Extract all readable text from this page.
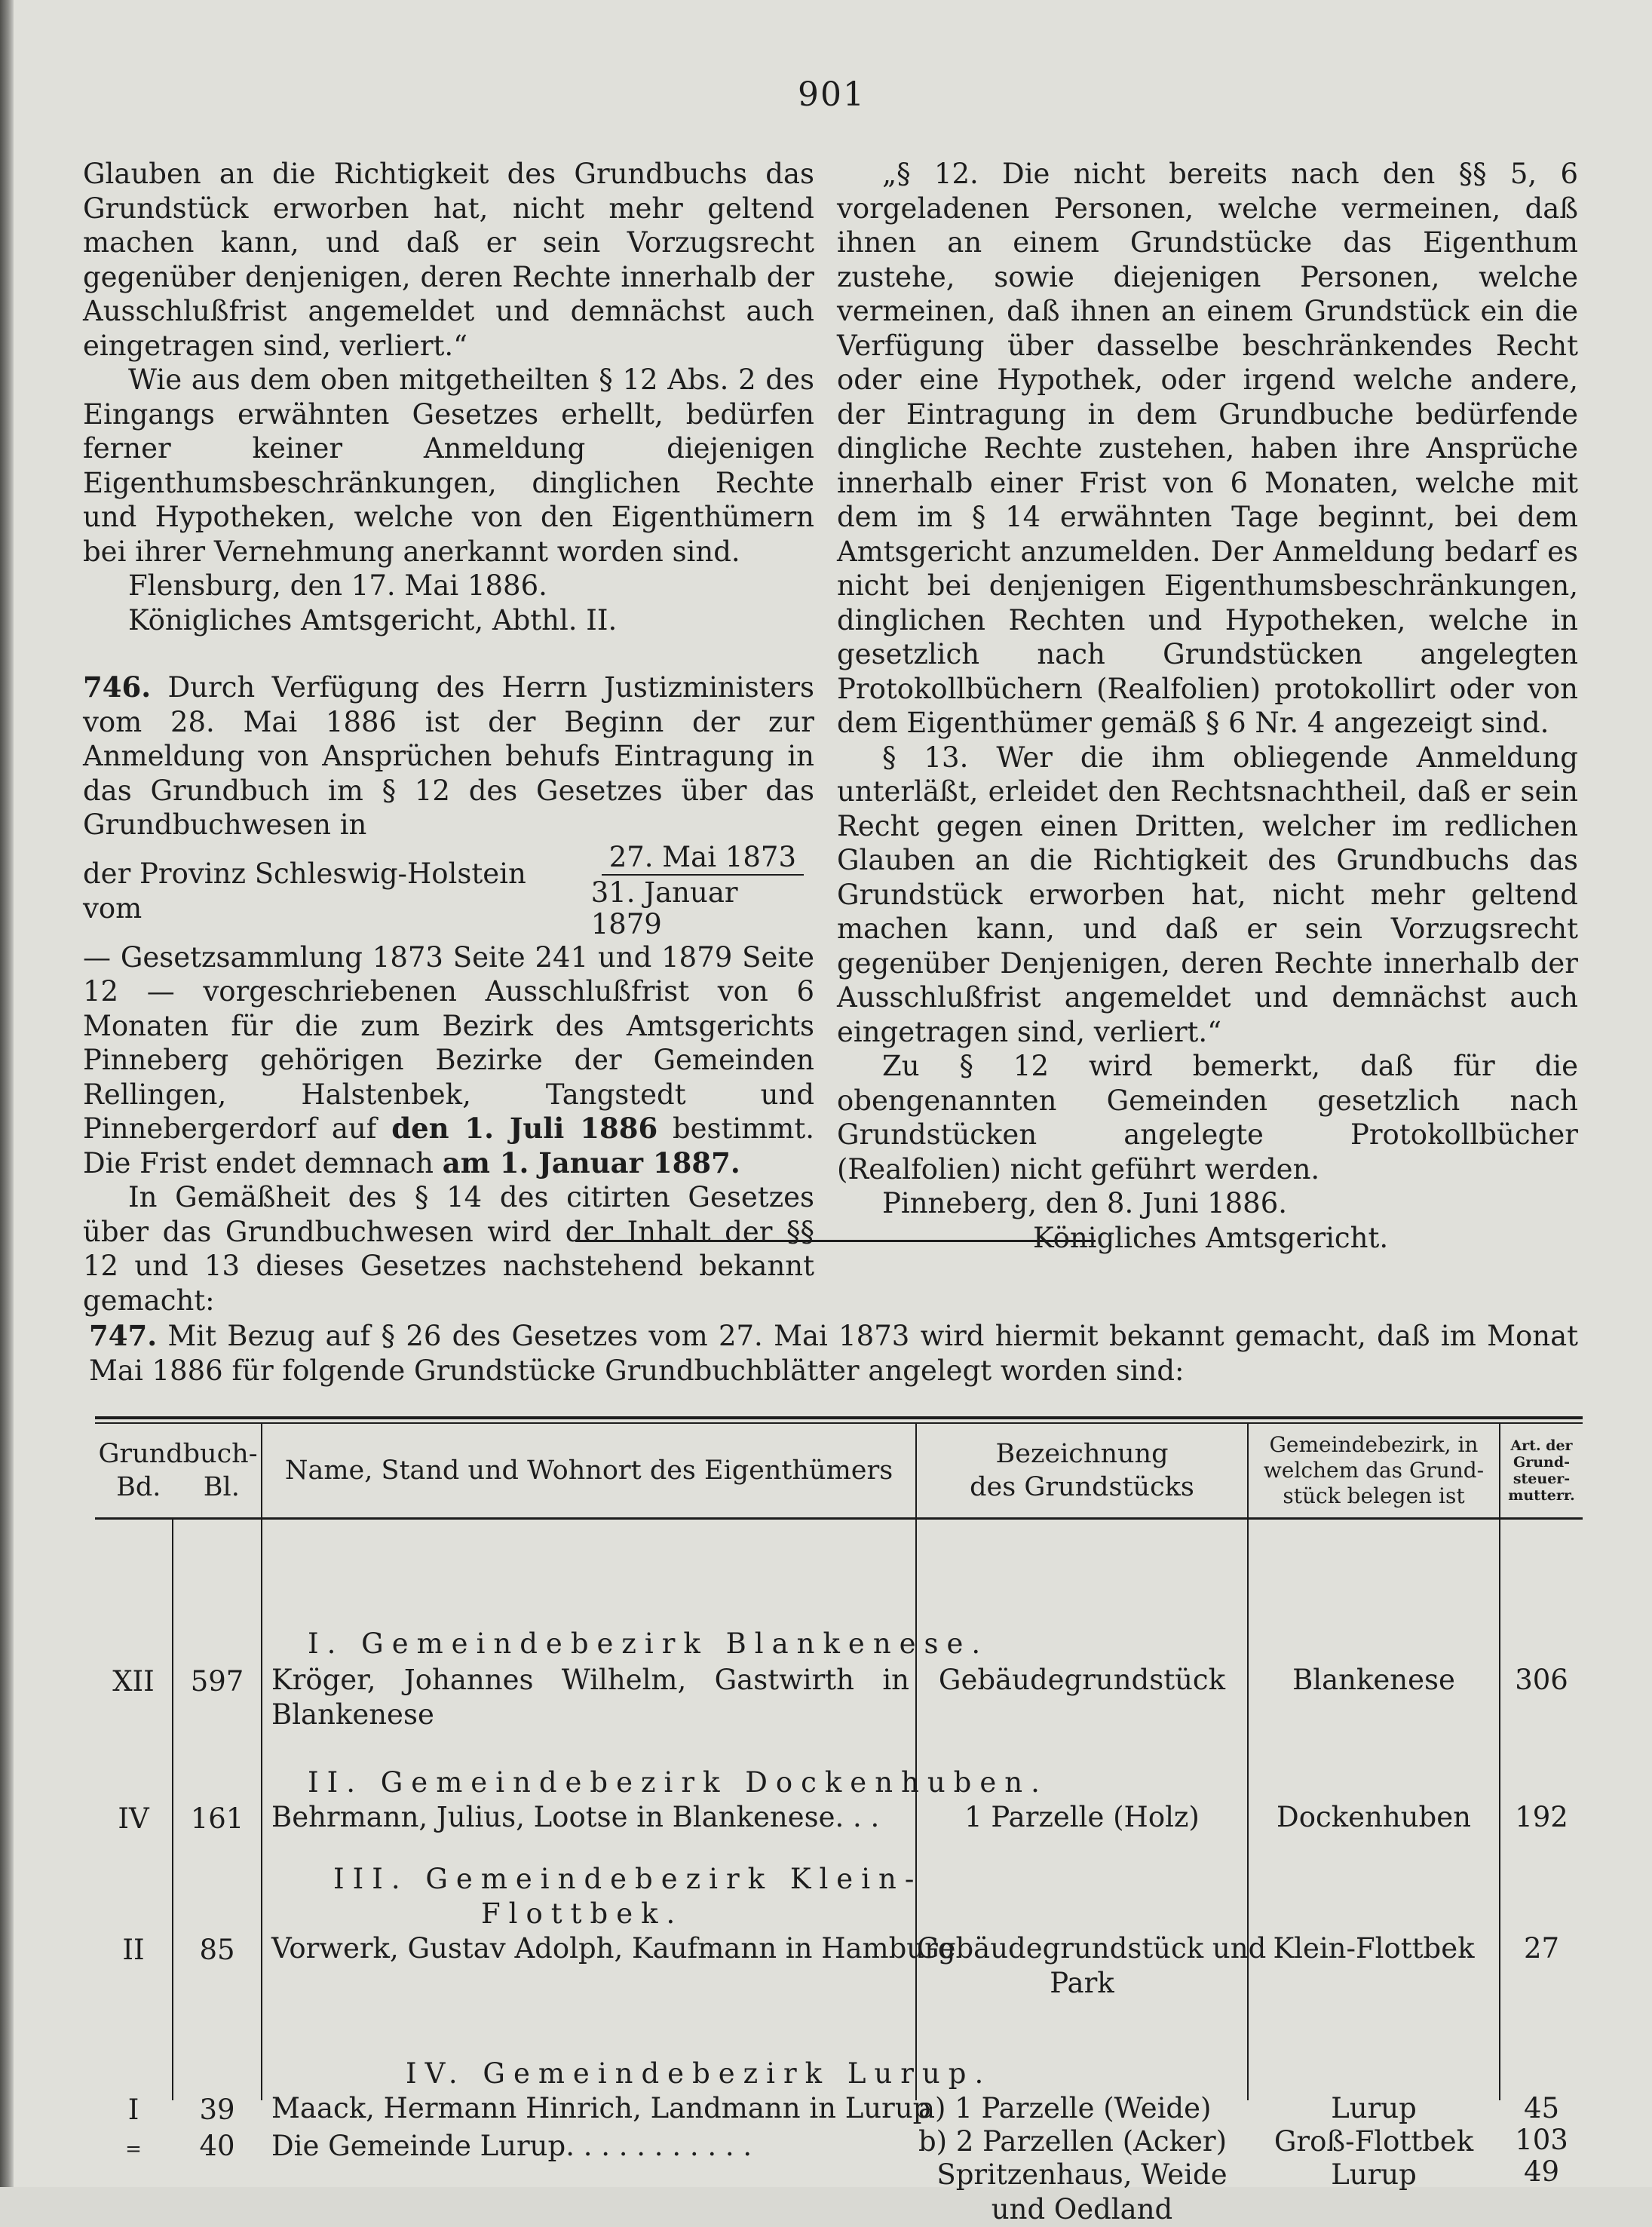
901

Glauben an die Richtigkeit des Grundbuchs das Grundstück erworben hat, nicht mehr geltend machen kann, und daß er sein Vorzugsrecht gegenüber denjenigen, deren Rechte innerhalb der Ausschlußfrist angemeldet und demnächst auch eingetragen sind, verliert.“

Wie aus dem oben mitgetheilten § 12 Abs. 2 des Eingangs erwähnten Gesetzes erhellt, bedürfen ferner keiner Anmeldung diejenigen Eigenthumsbeschränkungen, dinglichen Rechte und Hypotheken, welche von den Eigenthümern bei ihrer Vernehmung anerkannt worden sind.

Flensburg, den 17. Mai 1886.

Königliches Amtsgericht, Abthl. II.

746. Durch Verfügung des Herrn Justizministers vom 28. Mai 1886 ist der Beginn der zur Anmeldung von Ansprüchen behufs Eintragung in das Grundbuch im § 12 des Gesetzes über das Grundbuchwesen in

der Provinz Schleswig-Holstein vom	$\frac{\text{27. Mai 1873}}{\text{31. Januar 1879}}$

— Gesetzsammlung 1873 Seite 241 und 1879 Seite 12 — vorgeschriebenen Ausschlußfrist von 6 Monaten für die zum Bezirk des Amtsgerichts Pinneberg gehörigen Bezirke der Gemeinden Rellingen, Halstenbek, Tangstedt und Pinnebergerdorf auf den 1. Juli 1886 bestimmt. Die Frist endet demnach am 1. Januar 1887.

In Gemäßheit des § 14 des citirten Gesetzes über das Grundbuchwesen wird der Inhalt der §§ 12 und 13 dieses Gesetzes nachstehend bekannt gemacht:

„§ 12. Die nicht bereits nach den §§ 5, 6 vorgeladenen Personen, welche vermeinen, daß ihnen an einem Grundstücke das Eigenthum zustehe, sowie diejenigen Personen, welche vermeinen, daß ihnen an einem Grundstück ein die Verfügung über dasselbe beschränkendes Recht oder eine Hypothek, oder irgend welche andere, der Eintragung in dem Grundbuche bedürfende dingliche Rechte zustehen, haben ihre Ansprüche innerhalb einer Frist von 6 Monaten, welche mit dem im § 14 erwähnten Tage beginnt, bei dem Amtsgericht anzumelden. Der Anmeldung bedarf es nicht bei denjenigen Eigenthumsbeschränkungen, dinglichen Rechten und Hypotheken, welche in gesetzlich nach Grundstücken angelegten Protokollbüchern (Realfolien) protokollirt oder von dem Eigenthümer gemäß § 6 Nr. 4 angezeigt sind.

§ 13. Wer die ihm obliegende Anmeldung unterläßt, erleidet den Rechtsnachtheil, daß er sein Recht gegen einen Dritten, welcher im redlichen Glauben an die Richtigkeit des Grundbuchs das Grundstück erworben hat, nicht mehr geltend machen kann, und daß er sein Vorzugsrecht gegenüber Denjenigen, deren Rechte innerhalb der Ausschlußfrist angemeldet und demnächst auch eingetragen sind, verliert.“

Zu § 12 wird bemerkt, daß für die obengenannten Gemeinden gesetzlich nach Grundstücken angelegte Protokollbücher (Realfolien) nicht geführt werden.

Pinneberg, den 8. Juni 1886.

Königliches Amtsgericht.

747. Mit Bezug auf § 26 des Gesetzes vom 27. Mai 1873 wird hiermit bekannt gemacht, daß im Monat Mai 1886 für folgende Grundstücke Grundbuchblätter angelegt worden sind:
Grundbuch-
Bd. Bl.
Name, Stand und Wohnort des Eigenthümers
Bezeichnung
des Grundstücks
Gemeindebezirk, in
welchem das Grund-
stück belegen ist
Art. der
Grund-
steuer-
mutterr.
XII
IV
II
I
=
597
161
85
39
40
I. Gemeindebezirk Blankenese.
Kröger, Johannes Wilhelm, Gastwirth in Blankenese
II. Gemeindebezirk Dockenhuben.
Behrmann, Julius, Lootse in Blankenese. . .
III. Gemeindebezirk Klein-
Flottbek.
Vorwerk, Gustav Adolph, Kaufmann in Hamburg
IV. Gemeindebezirk Lurup.
Maack, Hermann Hinrich, Landmann in Lurup
Die Gemeinde Lurup. . . . . . . . . . .
Gebäudegrundstück
1 Parzelle (Holz)
Gebäudegrundstück und
Park
a) 1 Parzelle (Weide)
b) 2 Parzellen (Acker)
Spritzenhaus, Weide
und Oedland
Blankenese
Dockenhuben
Klein-Flottbek
Lurup
Groß-Flottbek
Lurup
306
192
27
45
103
49
